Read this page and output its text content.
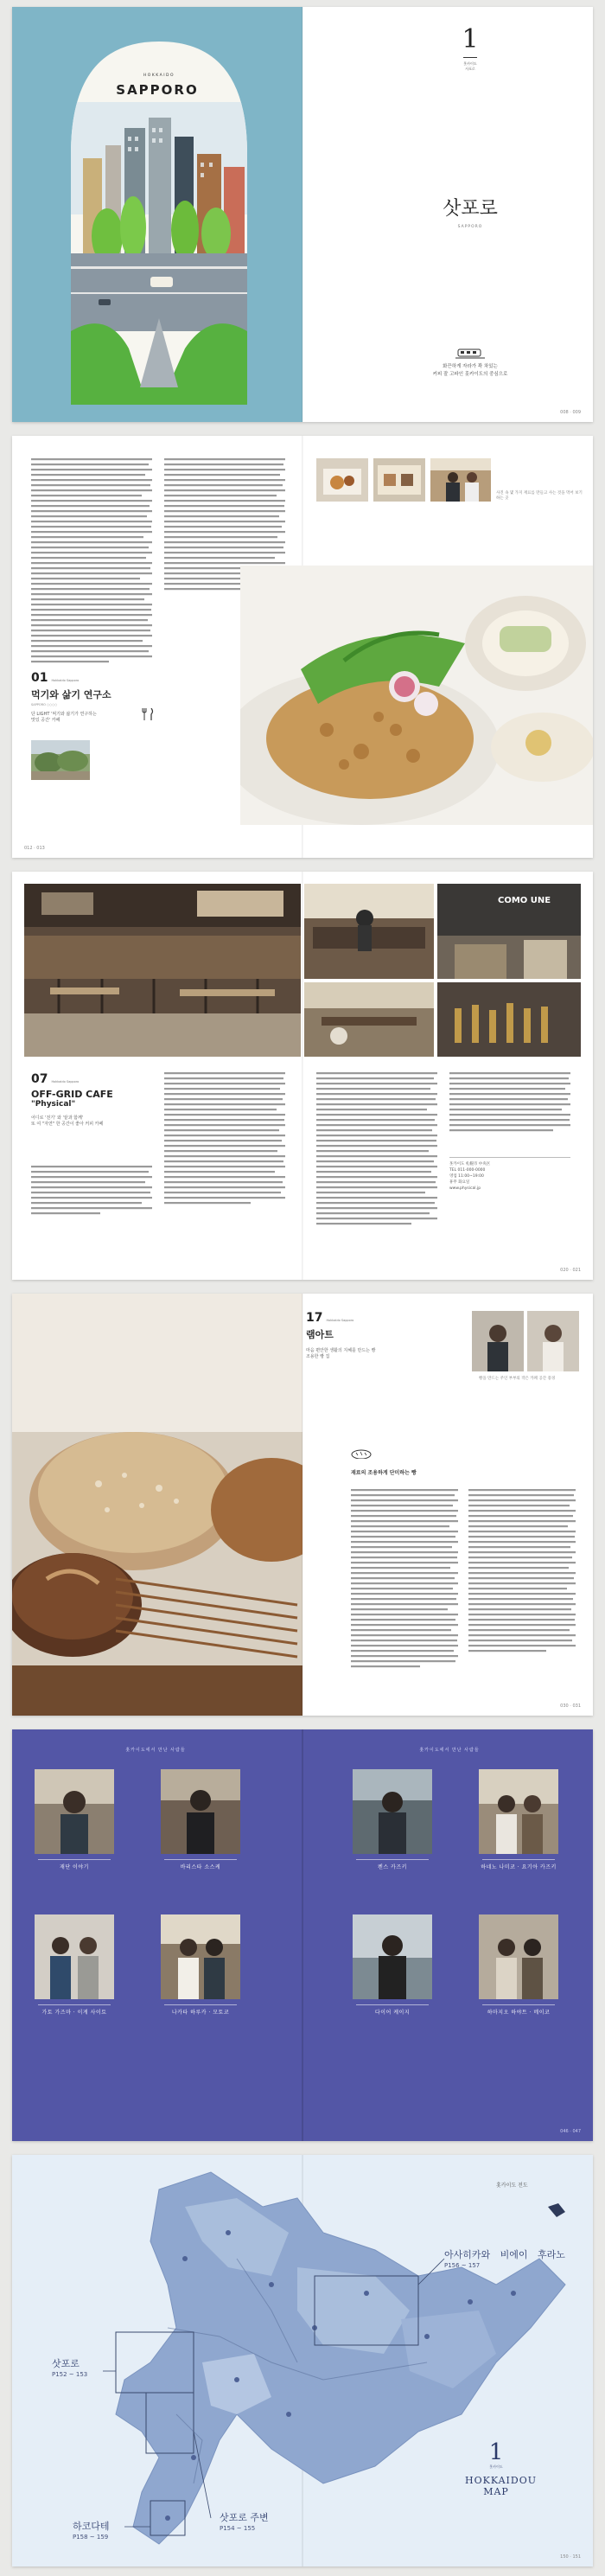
HOKKAIDO
SAPPORO
1
홋카이도
사포로
삿포로
SAPPORO
화끈하게 자라가 꽉 차있는
커피 잘 고파인 홋카이도의 중심으로
008 · 009
01 Hokkaido Sapporo
먹기와 삶기 연구소
SAPPORO ○○○○
단 LIGHT '먹기와 삶기가 연구하는
맛있 공간' 카페
사진 속 몇 가지 재료를 만들고 사는 것을 먹어 보기 하는 곳
012 · 013
COMO UNE
07 Hokkaido Sapporo
OFF-GRID CAFE
"Physical"
어디로 '전기' 와 '끝과 함께'
또 여 "자연" 한 공간이 좋아 커피 카페
홋카이도 札幌市 中央区
TEL 011-000-0000
영업 11:00~19:00
휴무 화요일
www.physical.jp
020 · 021
17 Hokkaido Sapporo
램아트
마음 편안한 생활의 지혜를 만드는 빵
조용한 빵 집
빵을 만드는 주인 부부의 작은 카페 공간 풍경
재료의 조용하게 단미하는 빵
030 · 031
홋카이도에서 만난 사람들	홋카이도에서 만난 사람들
재단 이야기	바리스타 소스케
가토 가즈마 · 이게 사이토	나카타 하루카 · 모토코
켄스 카즈키	하네노 나미코 · 요기아 카즈키
다이어 케이지	하마지오 하야트 · 메이코
046 · 047
홋카이도 전도
아사히카와 비에이 후라노
P156 ~ 157
삿포로
P152 ~ 153
삿포로 주변
P154 ~ 155
하코다테
P158 ~ 159
1
홋카이도
HOKKAIDOU
MAP
150 · 151
